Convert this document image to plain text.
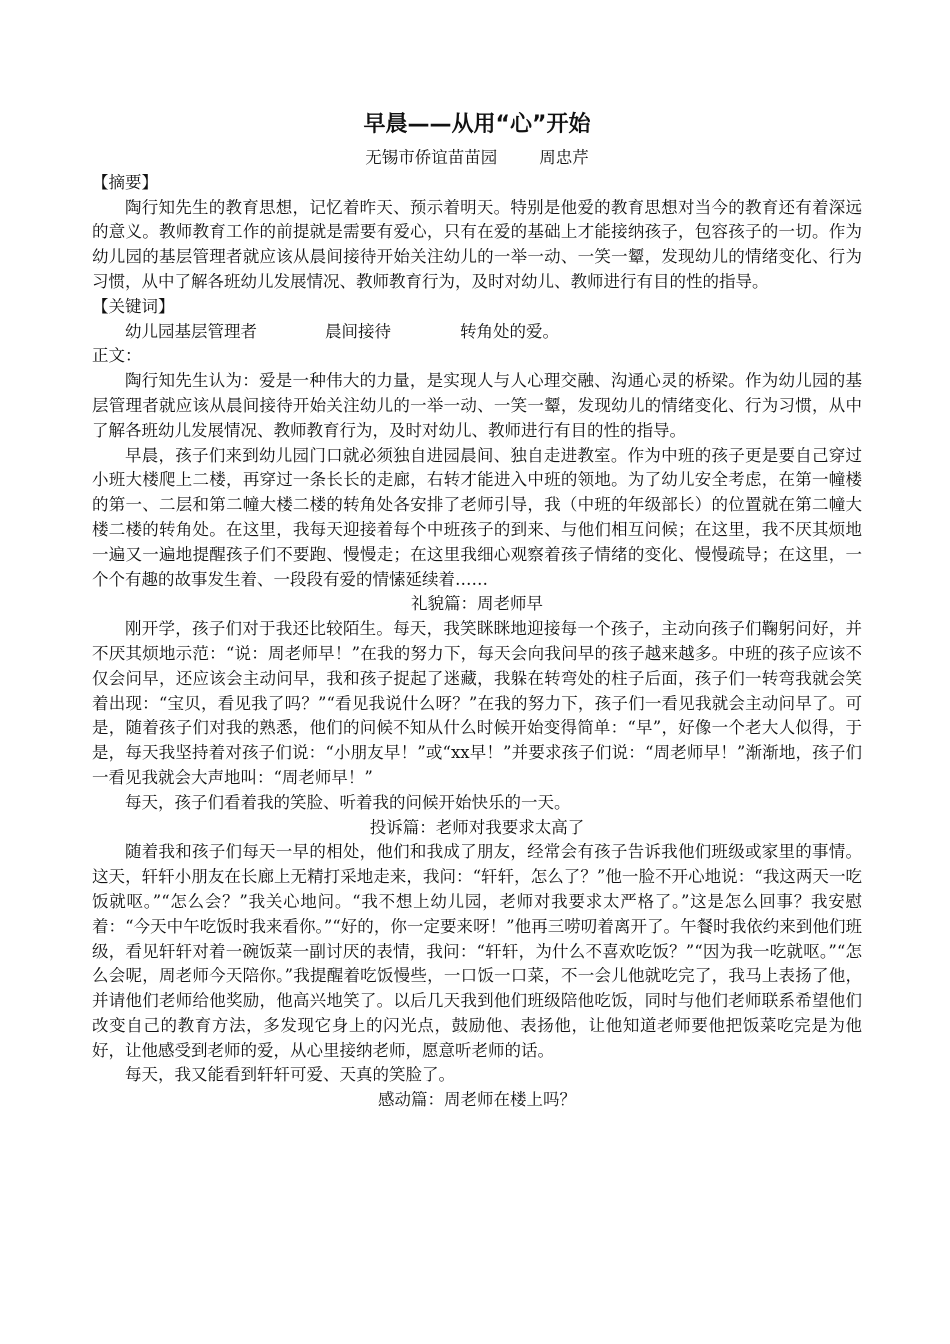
早晨——从用“心”开始

无锡市侨谊苗苗园	周忠芹

【摘要】

陶行知先生的教育思想，记忆着昨天、预示着明天。特别是他爱的教育思想对当今的教育还有着深远的意义。教师教育工作的前提就是需要有爱心，只有在爱的基础上才能接纳孩子，包容孩子的一切。作为幼儿园的基层管理者就应该从晨间接待开始关注幼儿的一举一动、一笑一颦，发现幼儿的情绪变化、行为习惯，从中了解各班幼儿发展情况、教师教育行为，及时对幼儿、教师进行有目的性的指导。

【关键词】

幼儿园基层管理者	晨间接待	转角处的爱。

正文：

陶行知先生认为：爱是一种伟大的力量，是实现人与人心理交融、沟通心灵的桥梁。作为幼儿园的基层管理者就应该从晨间接待开始关注幼儿的一举一动、一笑一颦，发现幼儿的情绪变化、行为习惯，从中了解各班幼儿发展情况、教师教育行为，及时对幼儿、教师进行有目的性的指导。

早晨，孩子们来到幼儿园门口就必须独自进园晨间、独自走进教室。作为中班的孩子更是要自己穿过小班大楼爬上二楼，再穿过一条长长的走廊，右转才能进入中班的领地。为了幼儿安全考虑，在第一幢楼的第一、二层和第二幢大楼二楼的转角处各安排了老师引导，我（中班的年级部长）的位置就在第二幢大楼二楼的转角处。在这里，我每天迎接着每个中班孩子的到来、与他们相互问候；在这里，我不厌其烦地一遍又一遍地提醒孩子们不要跑、慢慢走；在这里我细心观察着孩子情绪的变化、慢慢疏导；在这里，一个个有趣的故事发生着、一段段有爱的情愫延续着……

礼貌篇：周老师早

刚开学，孩子们对于我还比较陌生。每天，我笑眯眯地迎接每一个孩子，主动向孩子们鞠躬问好，并不厌其烦地示范：“说：周老师早！”在我的努力下，每天会向我问早的孩子越来越多。中班的孩子应该不仅会问早，还应该会主动问早，我和孩子捉起了迷藏，我躲在转弯处的柱子后面，孩子们一转弯我就会笑着出现：“宝贝，看见我了吗？”“看见我说什么呀？”在我的努力下，孩子们一看见我就会主动问早了。可是，随着孩子们对我的熟悉，他们的问候不知从什么时候开始变得简单：“早”，好像一个老大人似得，于是，每天我坚持着对孩子们说：“小朋友早！”或“xx早！”并要求孩子们说：“周老师早！”渐渐地，孩子们一看见我就会大声地叫：“周老师早！”

每天，孩子们看着我的笑脸、听着我的问候开始快乐的一天。

投诉篇：老师对我要求太高了

随着我和孩子们每天一早的相处，他们和我成了朋友，经常会有孩子告诉我他们班级或家里的事情。这天，轩轩小朋友在长廊上无精打采地走来，我问：“轩轩，怎么了？”他一脸不开心地说：“我这两天一吃饭就呕。”“怎么会？”我关心地问。“我不想上幼儿园，老师对我要求太严格了。”这是怎么回事？我安慰着：“今天中午吃饭时我来看你。”“好的，你一定要来呀！”他再三唠叨着离开了。午餐时我依约来到他们班级，看见轩轩对着一碗饭菜一副讨厌的表情，我问：“轩轩，为什么不喜欢吃饭？”“因为我一吃就呕。”“怎么会呢，周老师今天陪你。”我提醒着吃饭慢些，一口饭一口菜，不一会儿他就吃完了，我马上表扬了他，并请他们老师给他奖励，他高兴地笑了。以后几天我到他们班级陪他吃饭，同时与他们老师联系希望他们改变自己的教育方法，多发现它身上的闪光点，鼓励他、表扬他，让他知道老师要他把饭菜吃完是为他好，让他感受到老师的爱，从心里接纳老师，愿意听老师的话。

每天，我又能看到轩轩可爱、天真的笑脸了。

感动篇：周老师在楼上吗？
